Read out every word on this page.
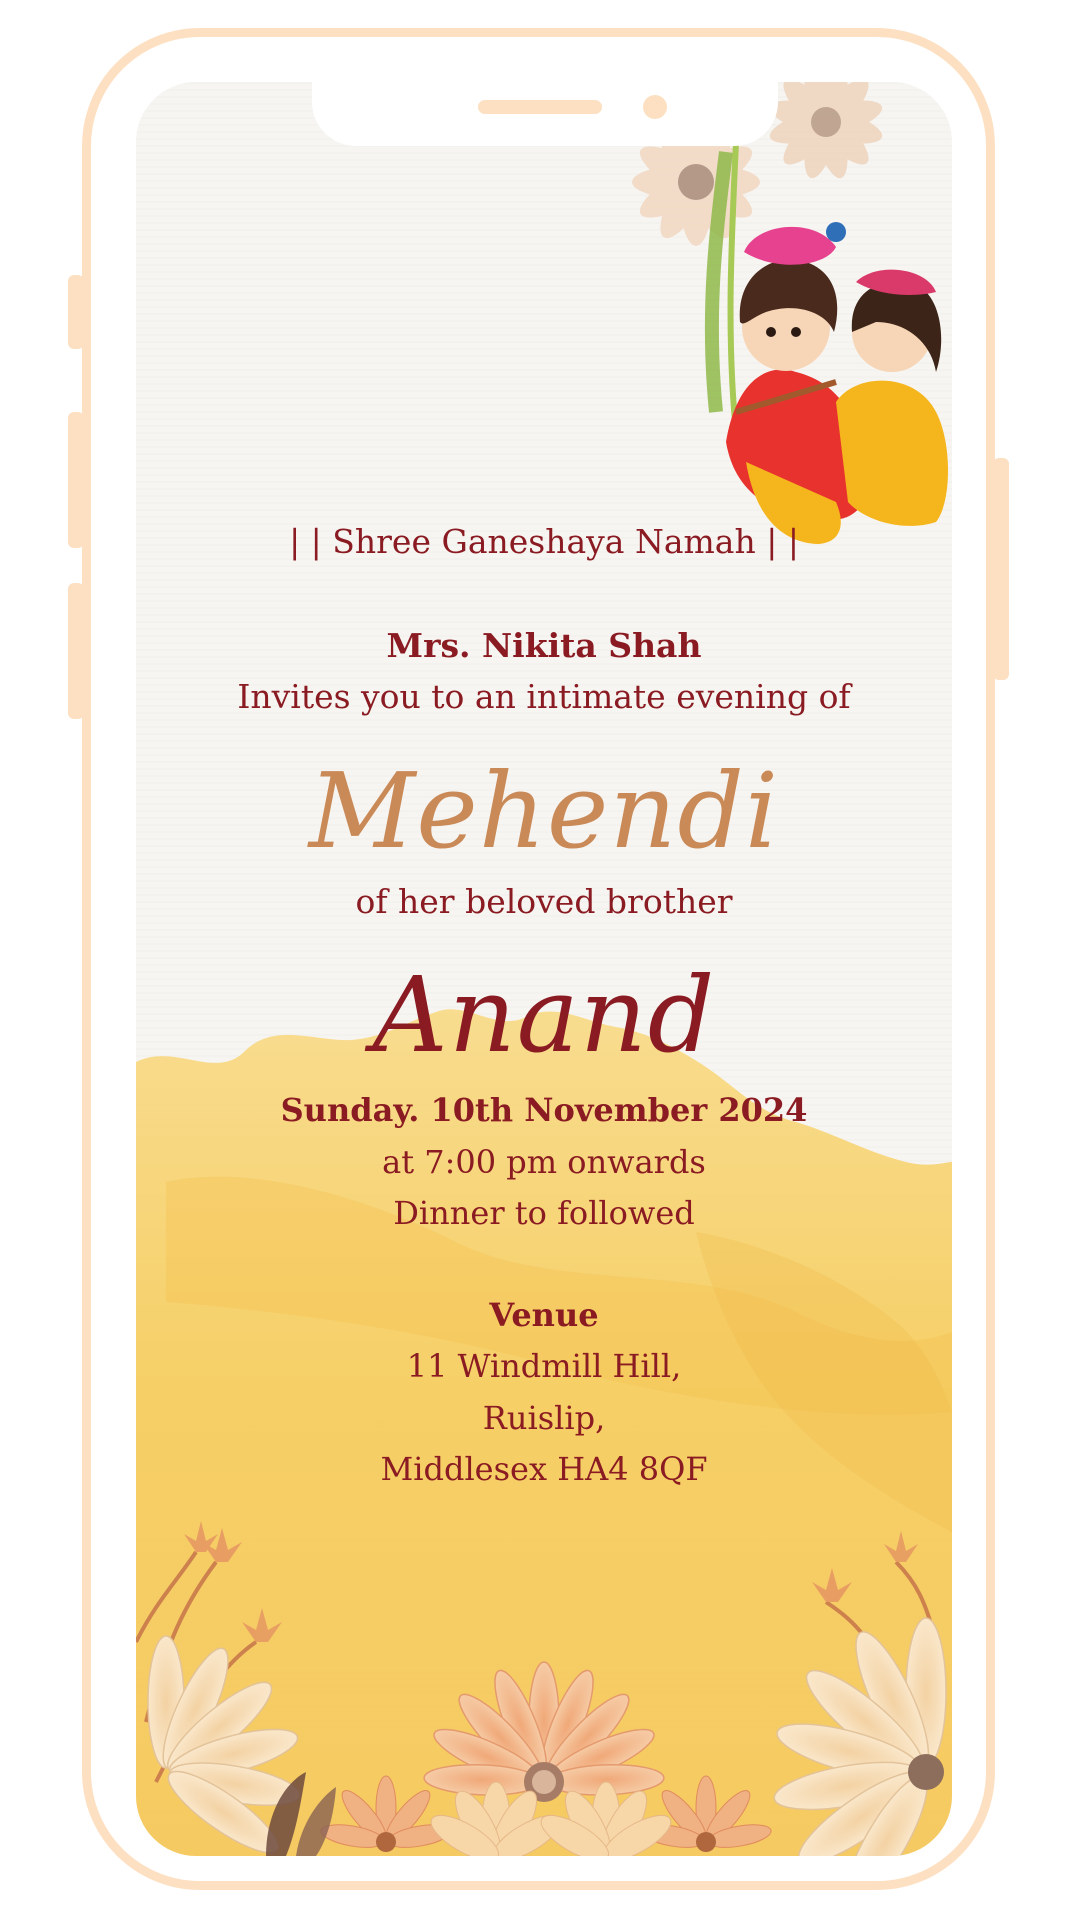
| | Shree Ganeshaya Namah | |
Mrs. Nikita Shah
Invites you to an intimate evening of
Mehendi
of her beloved brother
Anand
Sunday. 10th November 2024
at 7:00 pm onwards
Dinner to followed
Venue
11 Windmill Hill,
Ruislip,
Middlesex HA4 8QF
